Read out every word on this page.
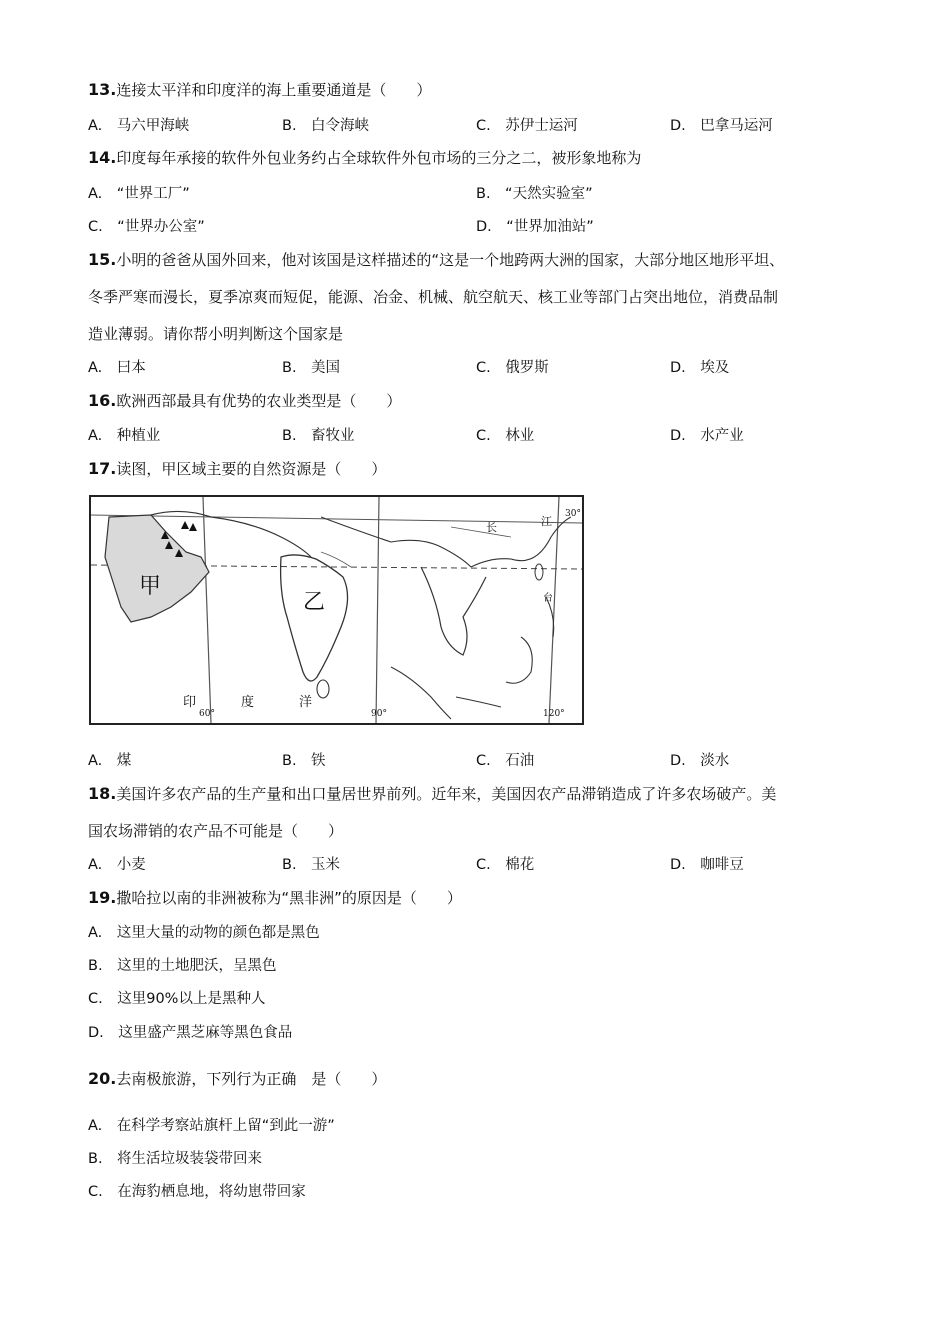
13.连接太平洋和印度洋的海上重要通道是（　　）
A.　马六甲海峡	B.　白令海峡	C.　苏伊士运河	D.　巴拿马运河
14.印度每年承接的软件外包业务约占全球软件外包市场的三分之二，被形象地称为
A.　“世界工厂”	B.　“天然实验室”
C.　“世界办公室”	D.　“世界加油站”
15.小明的爸爸从国外回来，他对该国是这样描述的“这是一个地跨两大洲的国家，大部分地区地形平坦、
冬季严寒而漫长，夏季凉爽而短促，能源、冶金、机械、航空航天、核工业等部门占突出地位，消费品制
造业薄弱。请你帮小明判断这个国家是
A.　曰本	B.　美国	C.　俄罗斯	D.　埃及
16.欧洲西部最具有优势的农业类型是（　　）
A.　种植业	B.　畜牧业	C.　林业	D.　水产业
17.读图，甲区域主要的自然资源是（　　）
甲
乙
印	度	洋
60°	90°	120°
30°
长	江
台
A.　煤	B.　铁	C.　石油	D.　淡水
18.美国许多农产品的生产量和出口量居世界前列。近年来，美国因农产品滞销造成了许多农场破产。美
国农场滞销的农产品不可能是（　　）
A.　小麦	B.　玉米	C.　棉花	D.　咖啡豆
19.撒哈拉以南的非洲被称为“黑非洲”的原因是（　　）
A.　这里大量的动物的颜色都是黑色
B.　这里的土地肥沃，呈黑色
C.　这里90%以上是黑种人
D.　这里盛产黑芝麻等黑色食品
20.去南极旅游，下列行为正确　是（　　）
A.　在科学考察站旗杆上留“到此一游”
B.　将生活垃圾装袋带回来
C.　在海豹栖息地，将幼崽带回家
